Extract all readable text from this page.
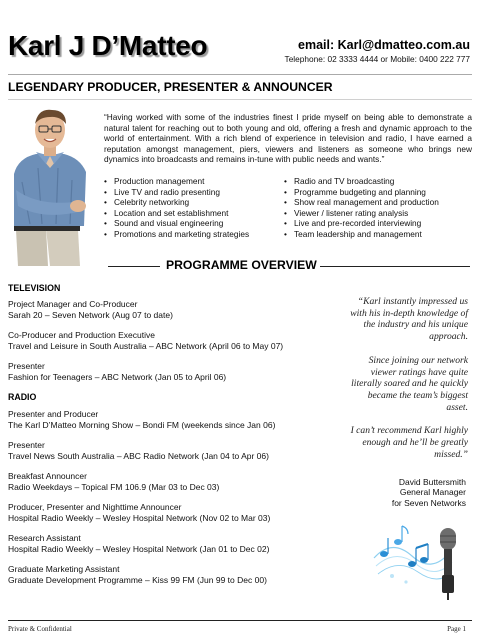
Karl J D’Matteo	email: Karl@dmatteo.com.au
Telephone: 02 3333 4444 or Mobile: 0400 222 777
LEGENDARY PRODUCER, PRESENTER & ANNOUNCER

“Having worked with some of the industries finest I pride myself on being able to demonstrate a natural talent for reaching out to both young and old, offering a fresh and dynamic approach to the world of entertainment. With a rich blend of experience in television and radio, I have earned a reputation amongst management, piers, viewers and listeners as someone who brings new dynamics into broadcasts and remains in-tune with public needs and wants.”

• Production management
• Live TV and radio presenting
• Celebrity networking
• Location and set establishment
• Sound and visual engineering
• Promotions and marketing strategies
• Radio and TV broadcasting
• Programme budgeting and planning
• Show real management and production
• Viewer / listener rating analysis
• Live and pre-recorded interviewing
• Team leadership and management
PROGRAMME OVERVIEW
TELEVISION
Project Manager and Co-Producer
Sarah 20 – Seven Network (Aug 07 to date)
Co-Producer and Production Executive
Travel and Leisure in South Australia – ABC Network (April 06 to May 07)
Presenter
Fashion for Teenagers – ABC Network (Jan 05 to April 06)
RADIO
Presenter and Producer
The Karl D’Matteo Morning Show – Bondi FM (weekends since Jan 06)
Presenter
Travel News South Australia – ABC Radio Network (Jan 04 to Apr 06)
Breakfast Announcer
Radio Weekdays – Topical FM 106.9 (Mar 03 to Dec 03)
Producer, Presenter and Nighttime Announcer
Hospital Radio Weekly – Wesley Hospital Network (Nov 02 to Mar 03)
Research Assistant
Hospital Radio Weekly – Wesley Hospital Network (Jan 01 to Dec 02)
Graduate Marketing Assistant
Graduate Development Programme – Kiss 99 FM (Jun 99 to Dec 00)

“Karl instantly impressed us with his in-depth knowledge of the industry and his unique approach.

Since joining our network viewer ratings have quite literally soared and he quickly became the team’s biggest asset.

I can’t recommend Karl highly enough and he’ll be greatly missed.”

David Buttersmith
General Manager
for Seven Networks
Private & Confidential	Page 1
